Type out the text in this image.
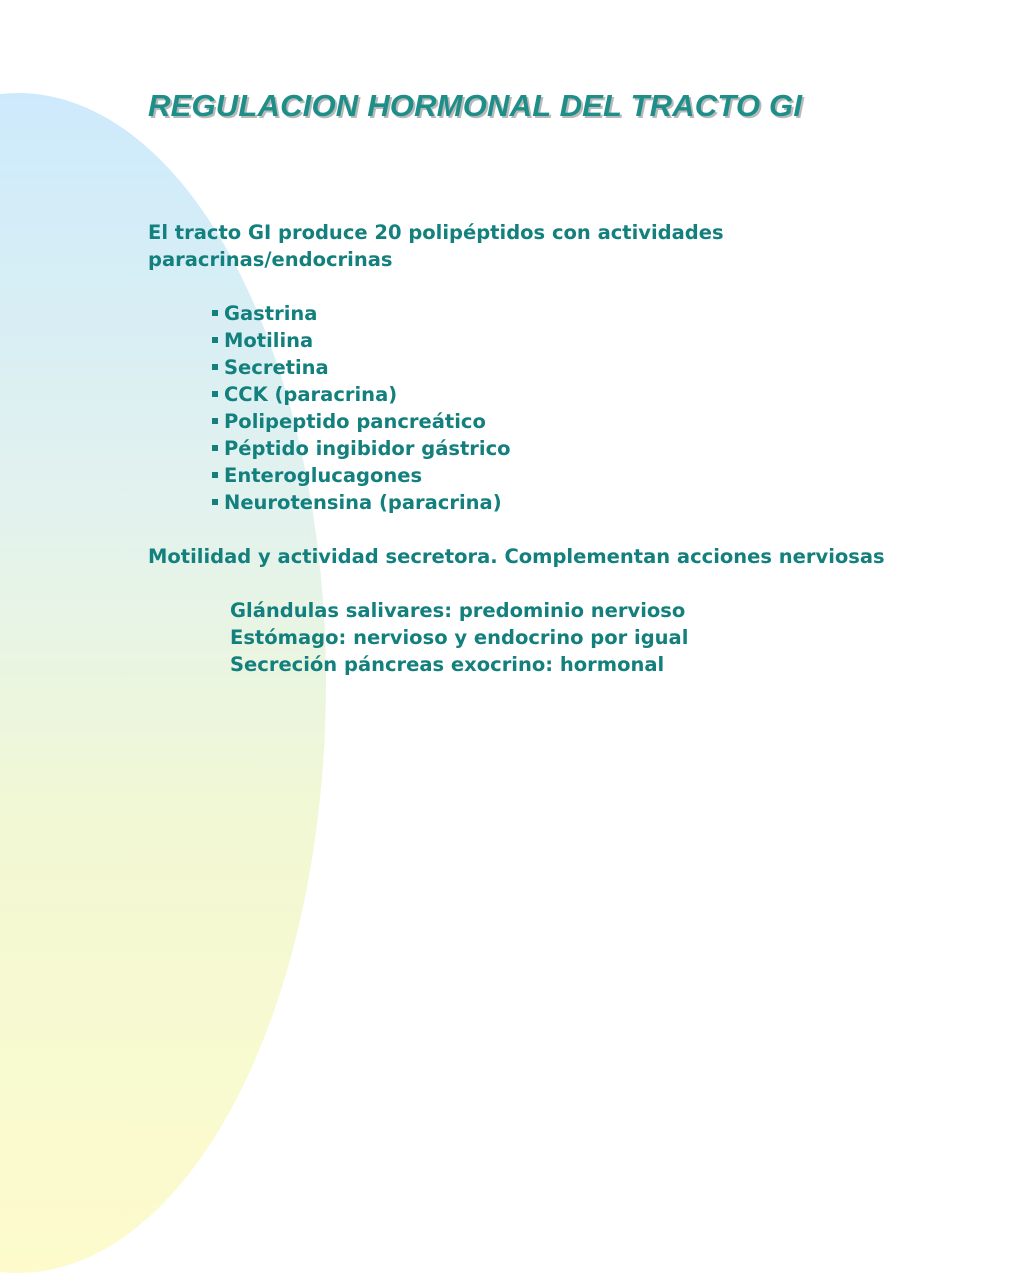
REGULACION HORMONAL DEL TRACTO GI

El tracto GI produce 20 polipéptidos con actividades paracrinas/endocrinas

Gastrina
Motilina
Secretina
CCK (paracrina)
Polipeptido pancreático
Péptido ingibidor gástrico
Enteroglucagones
Neurotensina (paracrina)

Motilidad y actividad secretora. Complementan acciones nerviosas

Glándulas salivares: predominio nervioso
Estómago: nervioso y endocrino por igual
Secreción páncreas exocrino: hormonal
